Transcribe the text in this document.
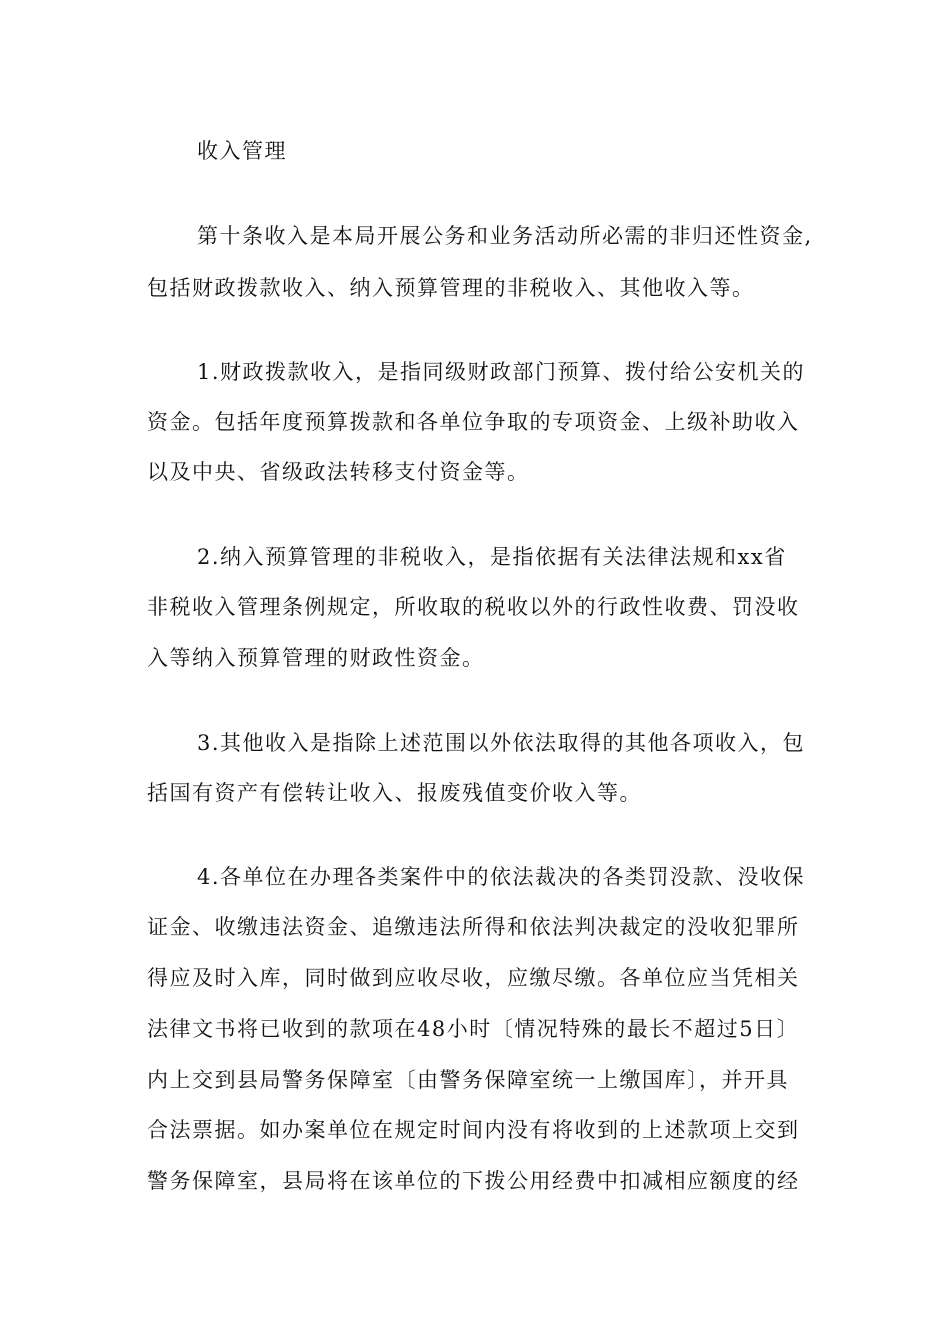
收入管理
第十条收入是本局开展公务和业务活动所必需的非归还性资金,
包括财政拨款收入、纳入预算管理的非税收入、其他收入等。
1.财政拨款收入，是指同级财政部门预算、拨付给公安机关的
资金。包括年度预算拨款和各单位争取的专项资金、上级补助收入
以及中央、省级政法转移支付资金等。
2.纳入预算管理的非税收入，是指依据有关法律法规和xx省
非税收入管理条例规定，所收取的税收以外的行政性收费、罚没收
入等纳入预算管理的财政性资金。
3.其他收入是指除上述范围以外依法取得的其他各项收入，包
括国有资产有偿转让收入、报废残值变价收入等。
4.各单位在办理各类案件中的依法裁决的各类罚没款、没收保
证金、收缴违法资金、追缴违法所得和依法判决裁定的没收犯罪所
得应及时入库，同时做到应收尽收，应缴尽缴。各单位应当凭相关
法律文书将已收到的款项在48小时〔情况特殊的最长不超过5日〕
内上交到县局警务保障室〔由警务保障室统一上缴国库〕，并开具
合法票据。如办案单位在规定时间内没有将收到的上述款项上交到
警务保障室，县局将在该单位的下拨公用经费中扣减相应额度的经
